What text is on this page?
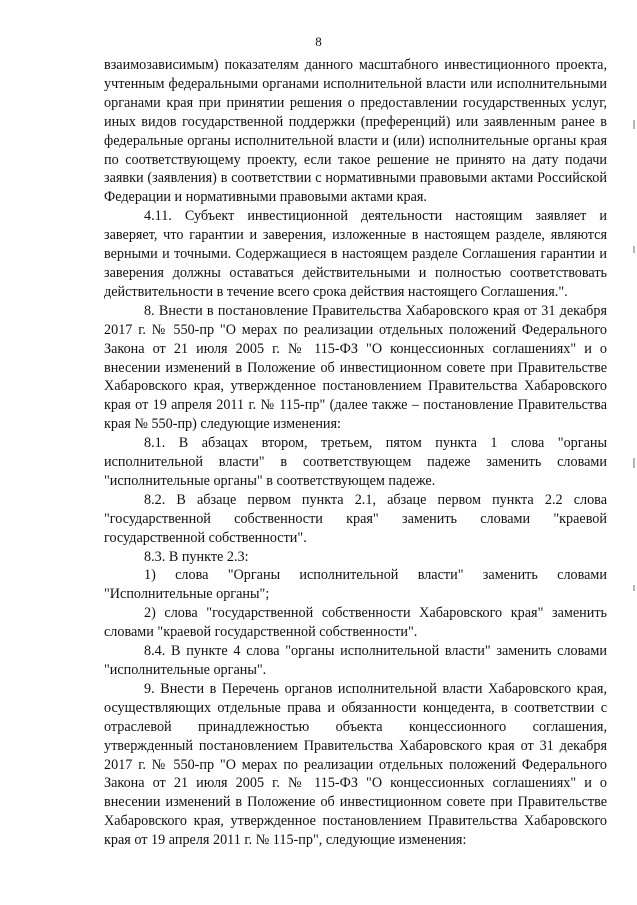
8

взаимозависимым) показателям данного масштабного инвестиционного проекта, учтенным федеральными органами исполнительной власти или исполнительными органами края при принятии решения о предоставлении государственных услуг, иных видов государственной поддержки (преференций) или заявленным ранее в федеральные органы исполнительной власти и (или) исполнительные органы края по соответствующему проекту, если такое решение не принято на дату подачи заявки (заявления) в соответствии с нормативными правовыми актами Российской Федерации и нормативными правовыми актами края.

4.11. Субъект инвестиционной деятельности настоящим заявляет и заверяет, что гарантии и заверения, изложенные в настоящем разделе, являются верными и точными. Содержащиеся в настоящем разделе Соглашения гарантии и заверения должны оставаться действительными и полностью соответствовать действительности в течение всего срока действия настоящего Соглашения.".

8. Внести в постановление Правительства Хабаровского края от 31 декабря 2017 г. № 550-пр "О мерах по реализации отдельных положений Федерального Закона от 21 июля 2005 г. № 115-ФЗ "О концессионных соглашениях" и о внесении изменений в Положение об инвестиционном совете при Правительстве Хабаровского края, утвержденное постановлением Правительства Хабаровского края от 19 апреля 2011 г. № 115-пр" (далее также – постановление Правительства края № 550-пр) следующие изменения:

8.1. В абзацах втором, третьем, пятом пункта 1 слова "органы исполнительной власти" в соответствующем падеже заменить словами "исполнительные органы" в соответствующем падеже.

8.2. В абзаце первом пункта 2.1, абзаце первом пункта 2.2 слова "государственной собственности края" заменить словами "краевой государственной собственности".

8.3. В пункте 2.3:

1) слова "Органы исполнительной власти" заменить словами "Исполнительные органы";

2) слова "государственной собственности Хабаровского края" заменить словами "краевой государственной собственности".

8.4. В пункте 4 слова "органы исполнительной власти" заменить словами "исполнительные органы".

9. Внести в Перечень органов исполнительной власти Хабаровского края, осуществляющих отдельные права и обязанности концедента, в соответствии с отраслевой принадлежностью объекта концессионного соглашения, утвержденный постановлением Правительства Хабаровского края от 31 декабря 2017 г. № 550-пр "О мерах по реализации отдельных положений Федерального Закона от 21 июля 2005 г. № 115-ФЗ "О концессионных соглашениях" и о внесении изменений в Положение об инвестиционном совете при Правительстве Хабаровского края, утвержденное постановлением Правительства Хабаровского края от 19 апреля 2011 г. № 115-пр", следующие изменения:
